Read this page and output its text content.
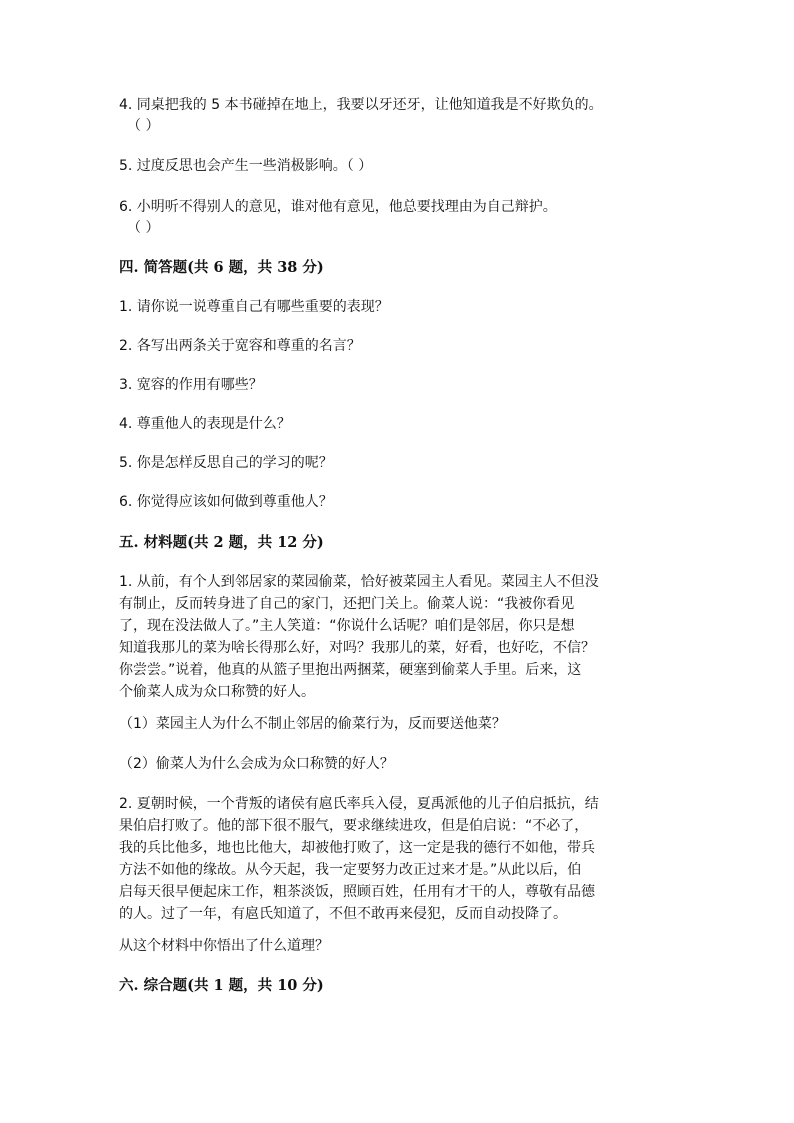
4. 同桌把我的 5 本书碰掉在地上，我要以牙还牙，让他知道我是不好欺负的。
（ ）
5. 过度反思也会产生一些消极影响。（ ）
6. 小明听不得别人的意见，谁对他有意见，他总要找理由为自己辩护。
（ ）
四. 简答题(共 6 题，共 38 分)
1. 请你说一说尊重自己有哪些重要的表现？
2. 各写出两条关于宽容和尊重的名言？
3. 宽容的作用有哪些？
4. 尊重他人的表现是什么？
5. 你是怎样反思自己的学习的呢？
6. 你觉得应该如何做到尊重他人？
五. 材料题(共 2 题，共 12 分)
1. 从前，有个人到邻居家的菜园偷菜，恰好被菜园主人看见。菜园主人不但没
有制止，反而转身进了自己的家门，还把门关上。偷菜人说：“我被你看见
了，现在没法做人了。”主人笑道：“你说什么话呢？咱们是邻居，你只是想
知道我那儿的菜为啥长得那么好，对吗？我那儿的菜，好看，也好吃，不信？
你尝尝。”说着，他真的从篮子里抱出两捆菜，硬塞到偷菜人手里。后来，这
个偷菜人成为众口称赞的好人。
（1）菜园主人为什么不制止邻居的偷菜行为，反而要送他菜？
（2）偷菜人为什么会成为众口称赞的好人？
2. 夏朝时候，一个背叛的诸侯有扈氏率兵入侵，夏禹派他的儿子伯启抵抗，结
果伯启打败了。他的部下很不服气，要求继续进攻，但是伯启说：“不必了，
我的兵比他多，地也比他大，却被他打败了，这一定是我的德行不如他，带兵
方法不如他的缘故。从今天起，我一定要努力改正过来才是。”从此以后，伯
启每天很早便起床工作，粗茶淡饭，照顾百姓，任用有才干的人，尊敬有品德
的人。过了一年，有扈氏知道了，不但不敢再来侵犯，反而自动投降了。
从这个材料中你悟出了什么道理？
六. 综合题(共 1 题，共 10 分)
